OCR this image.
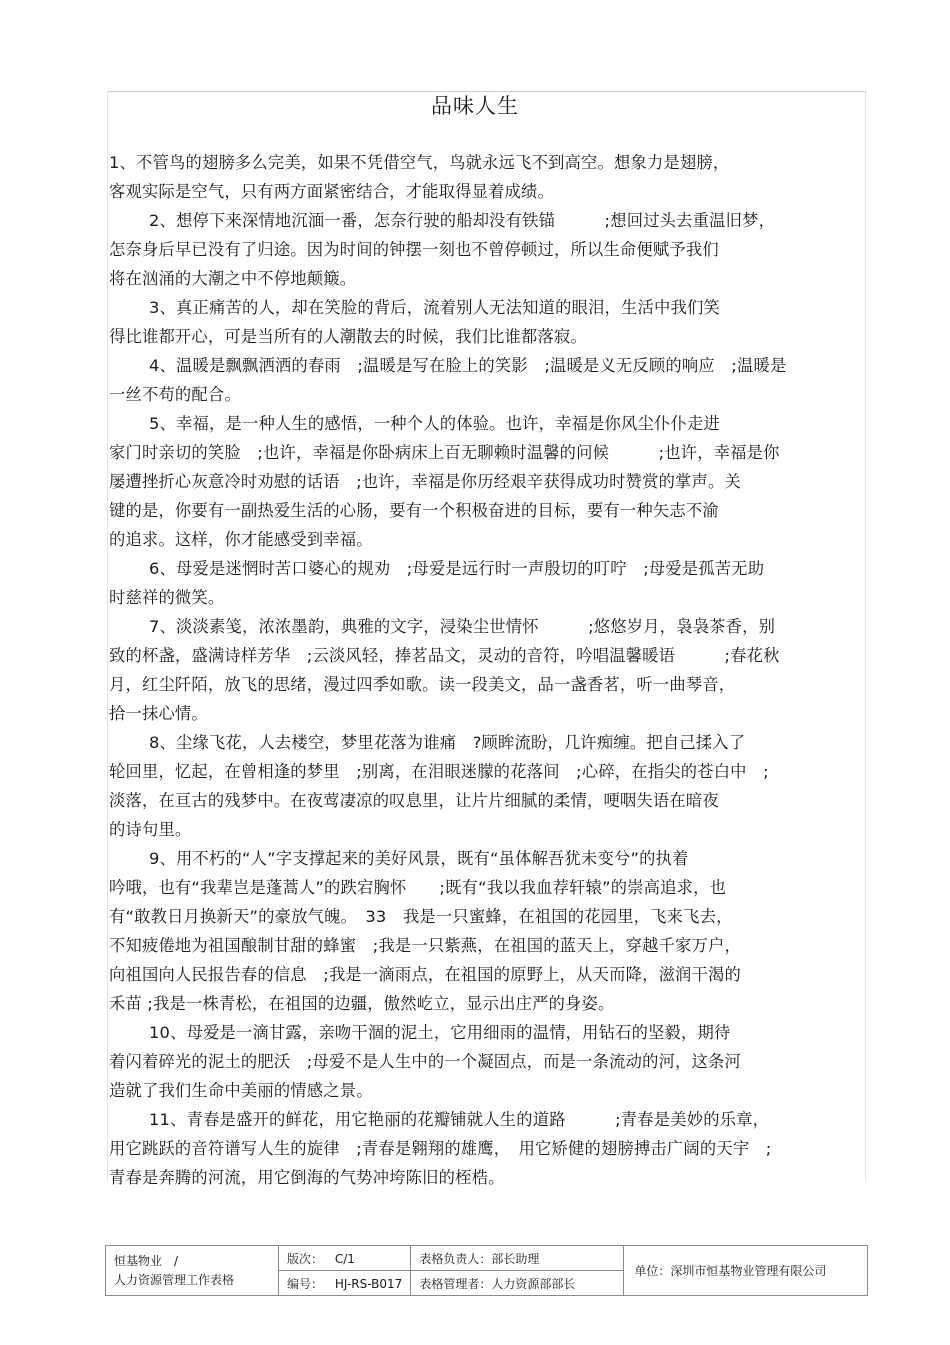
品味人生
1、不管鸟的翅膀多么完美，如果不凭借空气，鸟就永远飞不到高空。想象力是翅膀，
客观实际是空气，只有两方面紧密结合，才能取得显着成绩。
2、想停下来深情地沉湎一番，怎奈行驶的船却没有铁锚　　　;想回过头去重温旧梦，
怎奈身后早已没有了归途。因为时间的钟摆一刻也不曾停顿过，所以生命便赋予我们
将在汹涌的大潮之中不停地颠簸。
3、真正痛苦的人，却在笑脸的背后，流着别人无法知道的眼泪，生活中我们笑
得比谁都开心，可是当所有的人潮散去的时候，我们比谁都落寂。
4、温暖是飘飘洒洒的春雨　;温暖是写在脸上的笑影　;温暖是义无反顾的响应　;温暖是
一丝不苟的配合。
5、幸福，是一种人生的感悟，一种个人的体验。也许，幸福是你风尘仆仆走进
家门时亲切的笑脸　;也许，幸福是你卧病床上百无聊赖时温馨的问候　　　;也许，幸福是你
屡遭挫折心灰意冷时劝慰的话语　;也许，幸福是你历经艰辛获得成功时赞赏的掌声。关
键的是，你要有一副热爱生活的心肠，要有一个积极奋进的目标，要有一种矢志不渝
的追求。这样，你才能感受到幸福。
6、母爱是迷惘时苦口婆心的规劝　;母爱是远行时一声殷切的叮咛　;母爱是孤苦无助
时慈祥的微笑。
7、淡淡素笺，浓浓墨韵，典雅的文字，浸染尘世情怀　　　;悠悠岁月，袅袅茶香，别
致的杯盏，盛满诗样芳华　;云淡风轻，捧茗品文，灵动的音符，吟唱温馨暖语　　　;春花秋
月，红尘阡陌，放飞的思绪，漫过四季如歌。读一段美文，品一盏香茗，听一曲琴音，
拾一抹心情。
8、尘缘飞花，人去楼空，梦里花落为谁痛　?顾眸流盼，几许痴缠。把自己揉入了
轮回里，忆起，在曾相逢的梦里　;别离，在泪眼迷朦的花落间　;心碎，在指尖的苍白中　;
淡落，在亘古的残梦中。在夜莺凄凉的叹息里，让片片细腻的柔情，哽咽失语在暗夜
的诗句里。
9、用不朽的“人”字支撑起来的美好风景，既有“虽体解吾犹未变兮”的执着
吟哦，也有“我辈岂是蓬蒿人”的跌宕胸怀　　;既有“我以我血荐轩辕”的崇高追求，也
有“敢教日月换新天”的豪放气魄。　33　我是一只蜜蜂，在祖国的花园里，飞来飞去，
不知疲倦地为祖国酿制甘甜的蜂蜜　;我是一只紫燕，在祖国的蓝天上，穿越千家万户，
向祖国向人民报告春的信息　;我是一滴雨点，在祖国的原野上，从天而降，滋润干渴的
禾苗 ;我是一株青松，在祖国的边疆，傲然屹立，显示出庄严的身姿。
10、母爱是一滴甘露，亲吻干涸的泥土，它用细雨的温情，用钻石的坚毅，期待
着闪着碎光的泥土的肥沃　;母爱不是人生中的一个凝固点，而是一条流动的河，这条河
造就了我们生命中美丽的情感之景。
11、青春是盛开的鲜花，用它艳丽的花瓣铺就人生的道路　　　;青春是美妙的乐章，
用它跳跃的音符谱写人生的旋律　;青春是翱翔的雄鹰，　用它矫健的翅膀搏击广阔的天宇　;
青春是奔腾的河流，用它倒海的气势冲垮陈旧的桎梏。
恒基物业　/
人力资源管理工作表格	版次： C/1	表格负责人：部长助理	单位：深圳市恒基物业管理有限公司
	编号： HJ-RS-B017	表格管理者：人力资源部部长	
